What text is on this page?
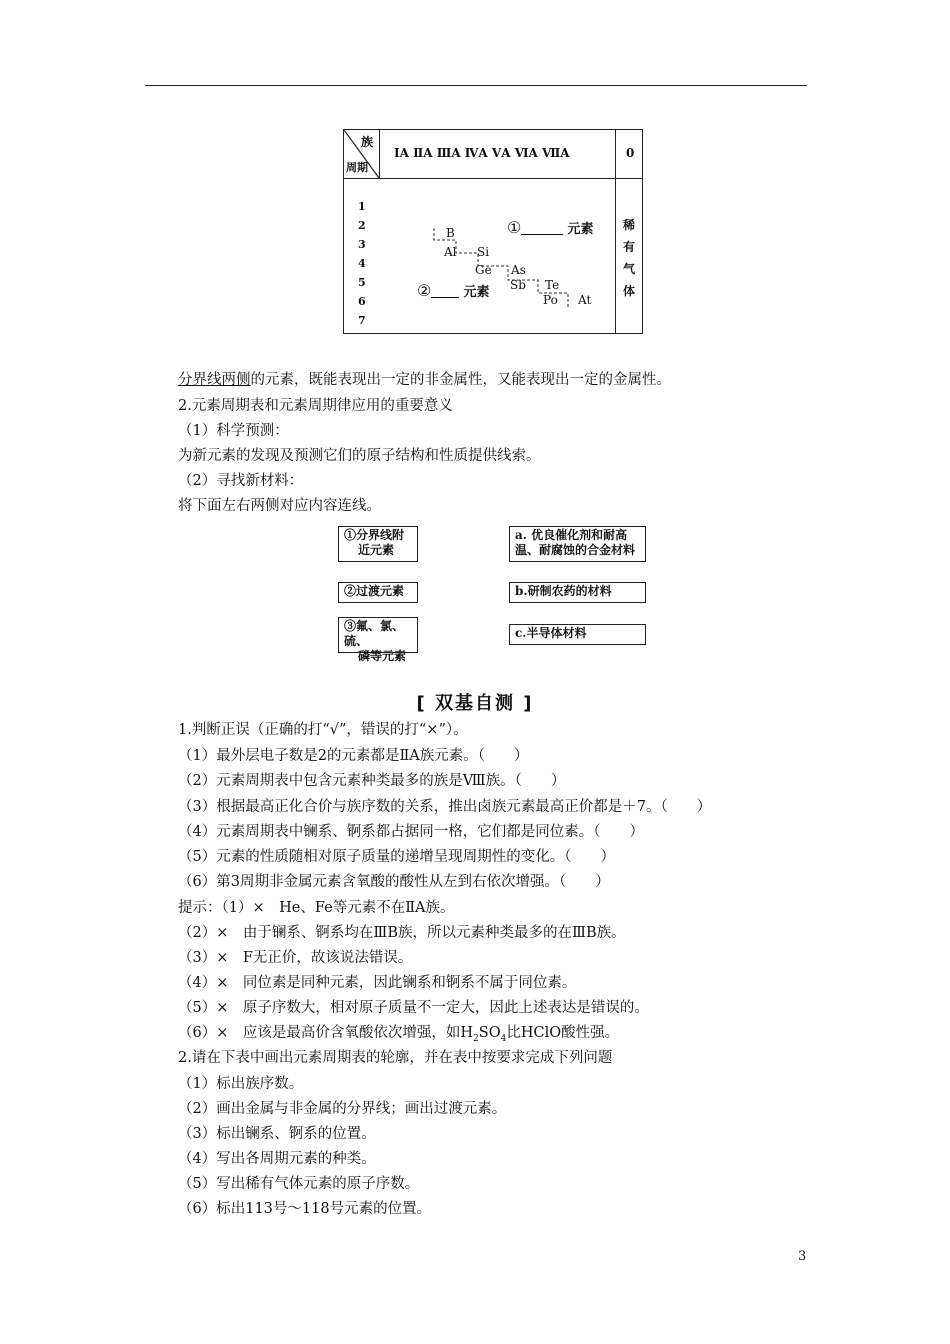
族
周期
ⅠA ⅡA ⅢA ⅣA ⅤA ⅥA ⅦA	0
1
2
3
4
5
6
7
B
Al Si
Ge As
Sb Te
Po At
①	元素
② 元素
稀
有
气
体
分界线两侧的元素，既能表现出一定的非金属性，又能表现出一定的金属性。
2.元素周期表和元素周期律应用的重要意义
（1）科学预测：
为新元素的发现及预测它们的原子结构和性质提供线索。
（2）寻找新材料：
将下面左右两侧对应内容连线。
①分界线附
近元素
②过渡元素
③氟、氯、硫、
磷等元素
a. 优良催化剂和耐高
温、耐腐蚀的合金材料
b.研制农药的材料
c.半导体材料
[ 双基自测 ]
1.判断正误（正确的打“√”，错误的打“×”）。
（1）最外层电子数是2的元素都是ⅡA族元素。（　　）
（2）元素周期表中包含元素种类最多的族是Ⅷ族。（　　）
（3）根据最高正化合价与族序数的关系，推出卤族元素最高正价都是＋7。（　　）
（4）元素周期表中镧系、锕系都占据同一格，它们都是同位素。（　　）
（5）元素的性质随相对原子质量的递增呈现周期性的变化。（　　）
（6）第3周期非金属元素含氧酸的酸性从左到右依次增强。（　　）
提示：（1）×　He、Fe等元素不在ⅡA族。
（2）×　由于镧系、锕系均在ⅢB族，所以元素种类最多的在ⅢB族。
（3）×　F无正价，故该说法错误。
（4）×　同位素是同种元素，因此镧系和锕系不属于同位素。
（5）×　原子序数大，相对原子质量不一定大，因此上述表达是错误的。
（6）×　应该是最高价含氧酸依次增强，如$H_2SO_4$比HClO酸性强。
2.请在下表中画出元素周期表的轮廓，并在表中按要求完成下列问题
（1）标出族序数。
（2）画出金属与非金属的分界线；画出过渡元素。
（3）标出镧系、锕系的位置。
（4）写出各周期元素的种类。
（5）写出稀有气体元素的原子序数。
（6）标出113号～118号元素的位置。
3
